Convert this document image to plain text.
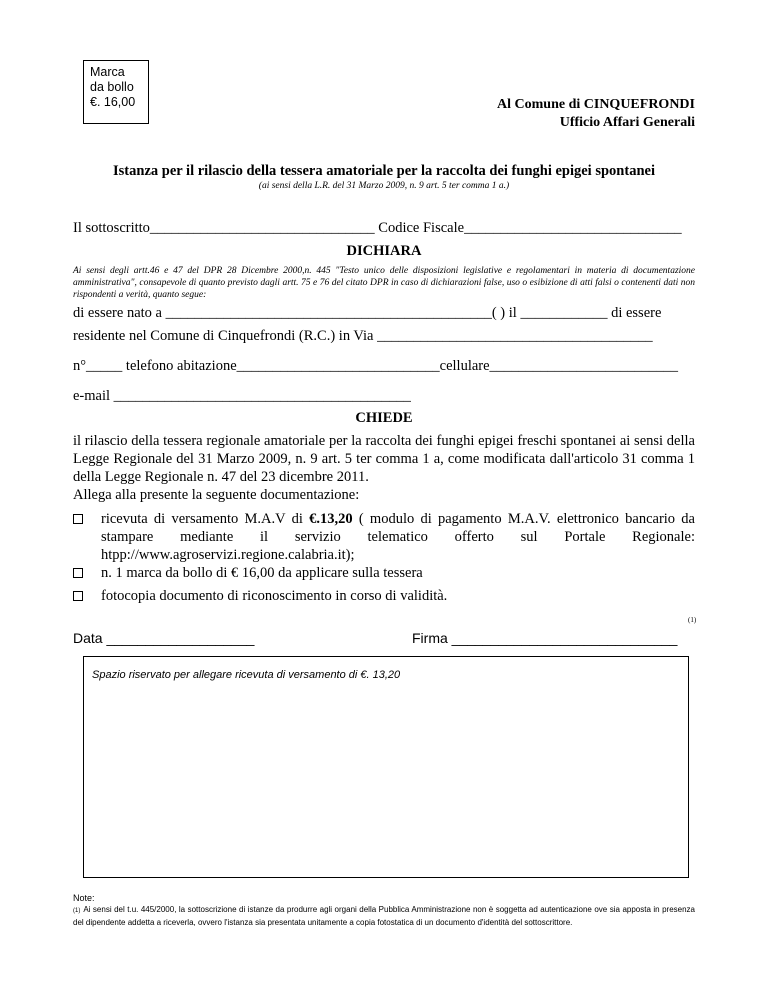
Marca
da bollo
€. 16,00	Al Comune di CINQUEFRONDI
Ufficio Affari Generali
Istanza per il rilascio della tessera amatoriale per la raccolta dei funghi epigei spontanei
(ai sensi della L.R. del 31 Marzo 2009, n. 9 art. 5 ter comma 1 a.)
Il sottoscritto_______________________________ Codice Fiscale______________________________
DICHIARA
Ai sensi degli artt.46 e 47 del DPR 28 Dicembre 2000,n. 445 "Testo unico delle disposizioni legislative e regolamentari in materia di documentazione amministrativa", consapevole di quanto previsto dagli artt. 75 e 76 del citato DPR in caso di dichiarazioni false, uso o esibizione di atti falsi o contenenti dati non rispondenti a verità, quanto segue:
di essere nato a _____________________________________________( ) il ____________ di essere
residente nel Comune di Cinquefrondi (R.C.) in Via ______________________________________
n°_____ telefono abitazione____________________________cellulare__________________________
e-mail _________________________________________
CHIEDE
il rilascio della tessera regionale amatoriale per la raccolta dei funghi epigei freschi spontanei ai sensi della Legge Regionale del 31 Marzo 2009, n. 9 art. 5 ter comma 1 a, come modificata dall'articolo 31 comma 1 della Legge Regionale n. 47 del 23 dicembre 2011.
Allega alla presente la seguente documentazione:
ricevuta di versamento M.A.V di €.13,20 ( modulo di pagamento M.A.V. elettronico bancario da stampare mediante il servizio telematico offerto sul Portale Regionale: htpp://www.agroservizi.regione.calabria.it);
n. 1 marca da bollo di € 16,00 da applicare sulla tessera
fotocopia documento di riconoscimento in corso di validità.
(1)
Data ___________________	Firma _____________________________
Spazio riservato per allegare ricevuta di versamento di €. 13,20
Note:
(1) Ai sensi del t.u. 445/2000, la sottoscrizione di istanze da produrre agli organi della Pubblica Amministrazione non è soggetta ad autenticazione ove sia apposta in presenza del dipendente addetta a riceverla, ovvero l'istanza sia presentata unitamente a copia fotostatica di un documento d'identità del sottoscrittore.
